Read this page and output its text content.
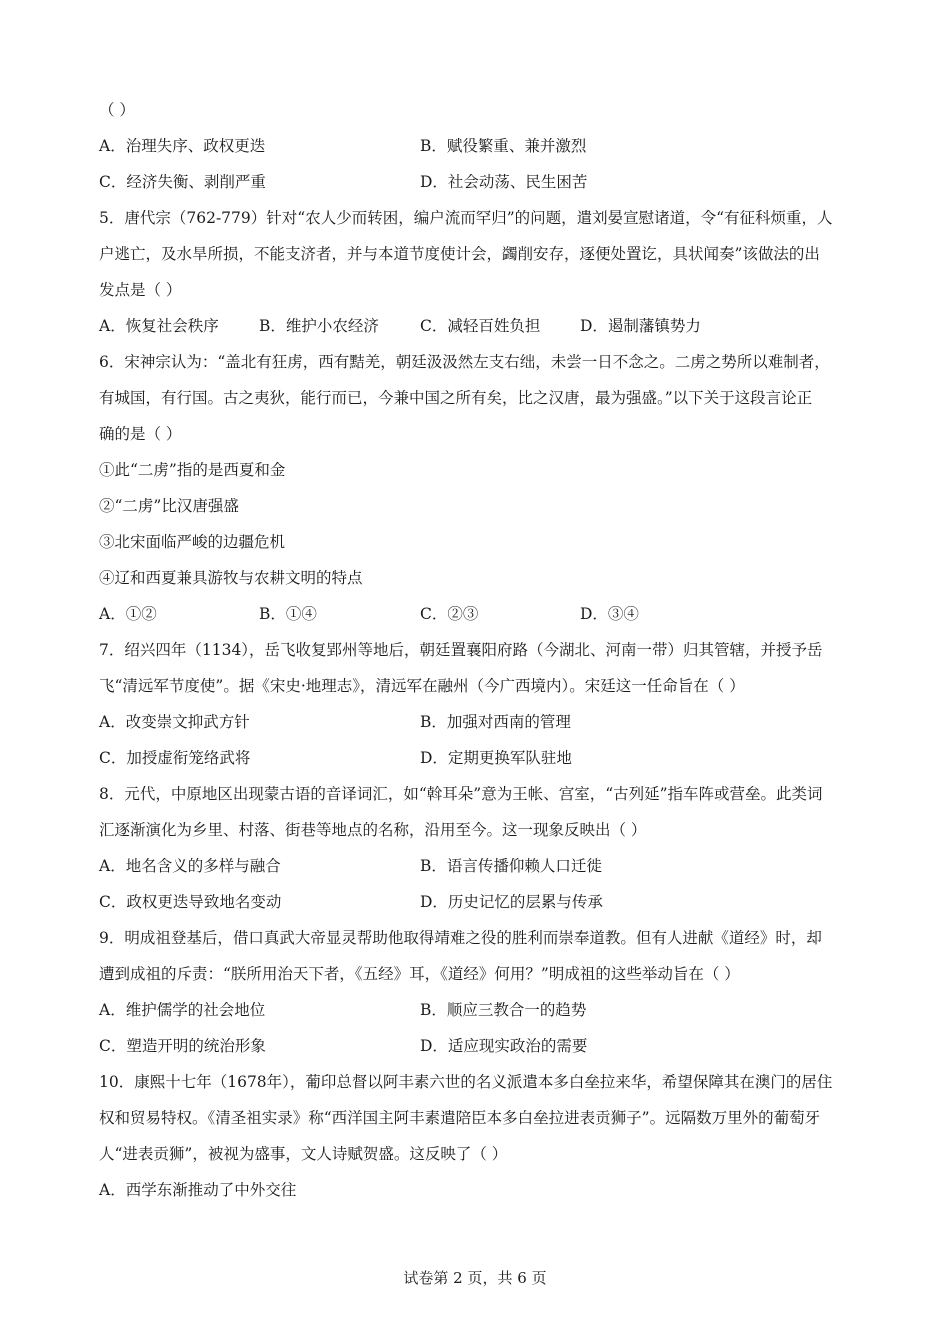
（ ）
A．治理失序、政权更迭	B．赋役繁重、兼并激烈
C．经济失衡、剥削严重	D．社会动荡、民生困苦
5．唐代宗（762-779）针对“农人少而转困，编户流而罕归”的问题，遣刘晏宣慰诸道，令“有征科烦重，人
户逃亡，及水旱所损，不能支济者，并与本道节度使计会，蠲削安存，逐便处置讫，具状闻奏”该做法的出
发点是（ ）
A．恢复社会秩序	B．维护小农经济	C．减轻百姓负担	D．遏制藩镇势力
6．宋神宗认为：“盖北有狂虏，西有黠羌，朝廷汲汲然左支右绌，未尝一日不念之。二虏之势所以难制者，
有城国，有行国。古之夷狄，能行而已，今兼中国之所有矣，比之汉唐，最为强盛。”以下关于这段言论正
确的是（ ）
①此“二虏”指的是西夏和金
②“二虏”比汉唐强盛
③北宋面临严峻的边疆危机
④辽和西夏兼具游牧与农耕文明的特点
A．①②	B．①④	C．②③	D．③④
7．绍兴四年（1134），岳飞收复郢州等地后，朝廷置襄阳府路（今湖北、河南一带）归其管辖，并授予岳
飞“清远军节度使”。据《宋史·地理志》，清远军在融州（今广西境内）。宋廷这一任命旨在（ ）
A．改变崇文抑武方针	B．加强对西南的管理
C．加授虚衔笼络武将	D．定期更换军队驻地
8．元代，中原地区出现蒙古语的音译词汇，如“斡耳朵”意为王帐、宫室，“古列延”指车阵或营垒。此类词
汇逐渐演化为乡里、村落、街巷等地点的名称，沿用至今。这一现象反映出（ ）
A．地名含义的多样与融合	B．语言传播仰赖人口迁徙
C．政权更迭导致地名变动	D．历史记忆的层累与传承
9．明成祖登基后，借口真武大帝显灵帮助他取得靖难之役的胜利而崇奉道教。但有人进献《道经》时，却
遭到成祖的斥责：“朕所用治天下者，《五经》耳，《道经》何用？”明成祖的这些举动旨在（ ）
A．维护儒学的社会地位	B．顺应三教合一的趋势
C．塑造开明的统治形象	D．适应现实政治的需要
10．康熙十七年（1678年），葡印总督以阿丰素六世的名义派遣本多白垒拉来华，希望保障其在澳门的居住
权和贸易特权。《清圣祖实录》称“西洋国主阿丰素遣陪臣本多白垒拉进表贡狮子”。远隔数万里外的葡萄牙
人“进表贡狮”，被视为盛事，文人诗赋贺盛。这反映了（ ）
A．西学东渐推动了中外交往
试卷第 2 页，共 6 页
